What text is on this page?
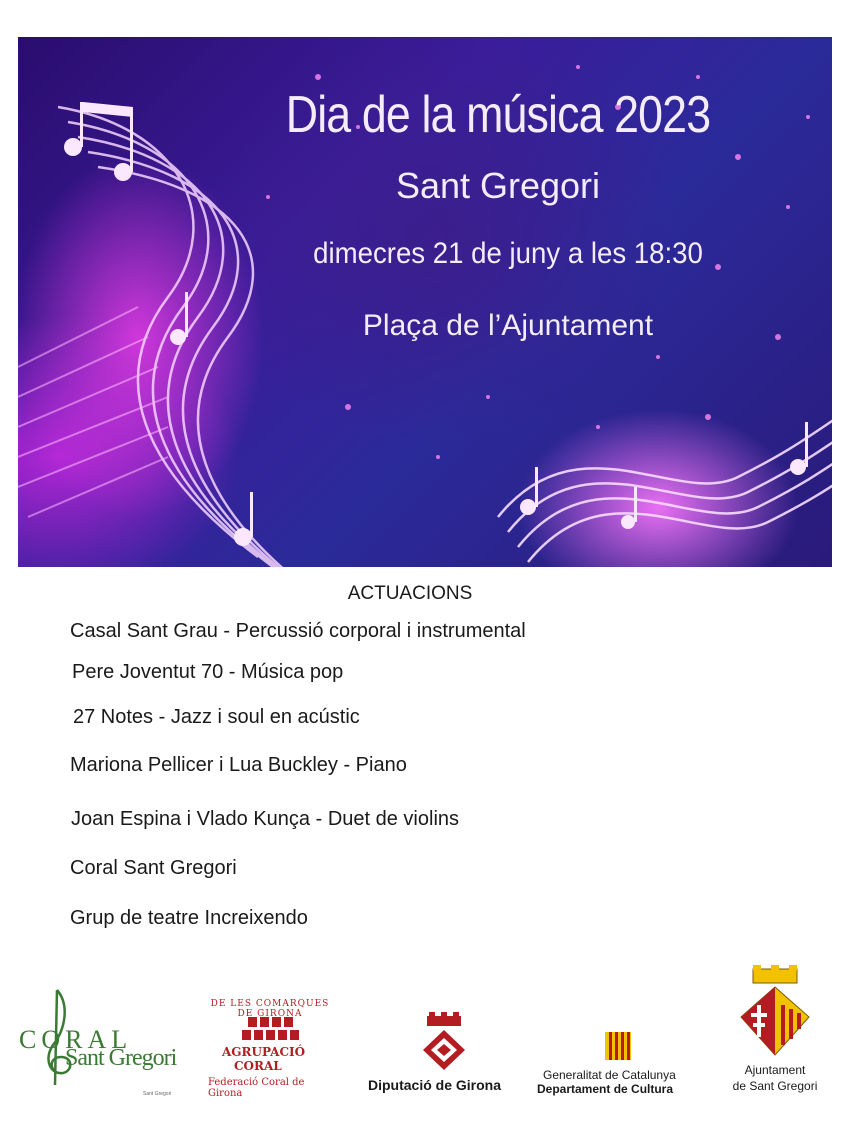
Dia de la música 2023
Sant Gregori
dimecres 21 de juny a les 18:30
Plaça de l’Ajuntament
ACTUACIONS
Casal Sant Grau - Percussió corporal i instrumental
Pere Joventut 70 - Música pop
27 Notes - Jazz i soul en acústic
Mariona Pellicer i Lua Buckley - Piano
Joan Espina i Vlado Kunça - Duet de violins
Coral Sant Gregori
Grup de teatre Increixendo
CORAL
Sant Gregori
Sant Gregori
DE LES COMARQUES DE GIRONA
AGRUPACIÓ
CORAL
Federació Coral de Girona
Diputació de Girona
Generalitat de Catalunya
Departament de Cultura
Ajuntament
de Sant Gregori
